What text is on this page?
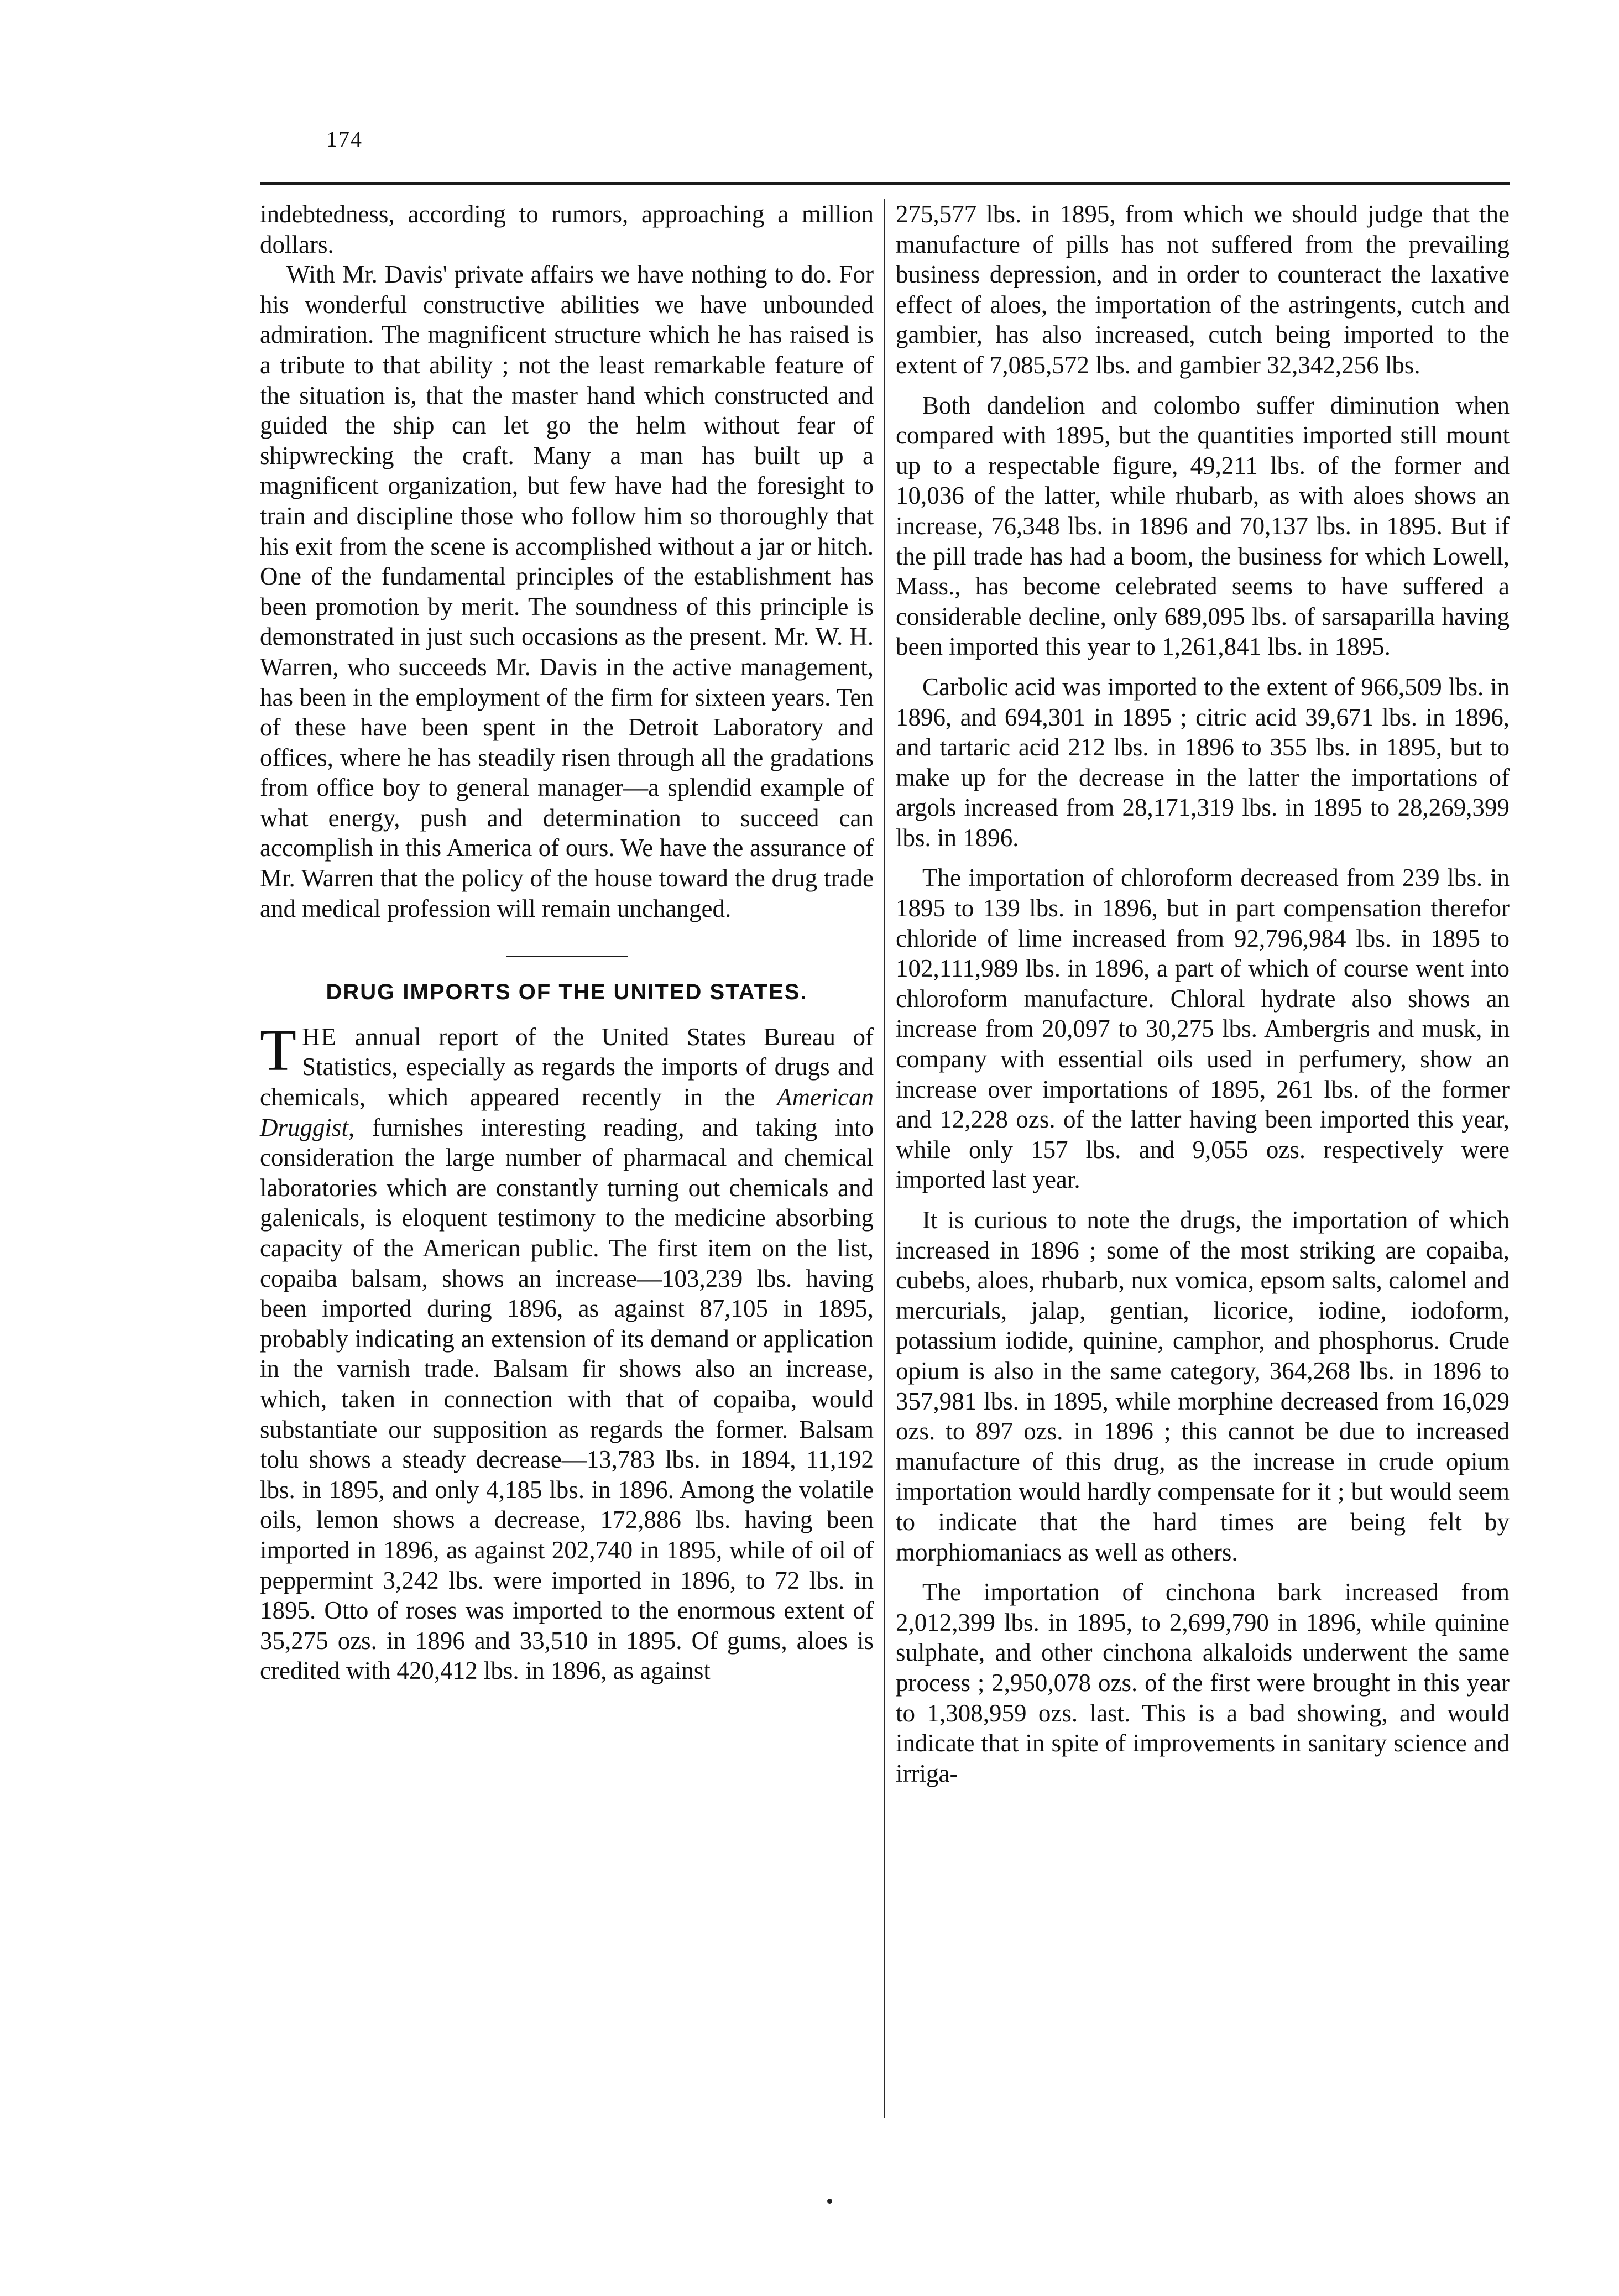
174

indebtedness, according to rumors, approaching a million dollars.

With Mr. Davis' private affairs we have nothing to do. For his wonderful constructive abilities we have unbounded admiration. The magnificent structure which he has raised is a tribute to that ability ; not the least remarkable feature of the situation is, that the master hand which constructed and guided the ship can let go the helm without fear of shipwrecking the craft. Many a man has built up a magnificent organization, but few have had the foresight to train and discipline those who follow him so thoroughly that his exit from the scene is accomplished without a jar or hitch. One of the fundamental principles of the establishment has been promotion by merit. The soundness of this principle is demonstrated in just such occasions as the present. Mr. W. H. Warren, who succeeds Mr. Davis in the active management, has been in the employment of the firm for sixteen years. Ten of these have been spent in the Detroit Laboratory and offices, where he has steadily risen through all the gradations from office boy to general manager—a splendid example of what energy, push and determination to succeed can accomplish in this America of ours. We have the assurance of Mr. Warren that the policy of the house toward the drug trade and medical profession will remain unchanged.

DRUG IMPORTS OF THE UNITED STATES.

THE annual report of the United States Bureau of Statistics, especially as regards the imports of drugs and chemicals, which appeared recently in the American Druggist, furnishes interesting reading, and taking into consideration the large number of pharmacal and chemical laboratories which are constantly turning out chemicals and galenicals, is eloquent testimony to the medicine absorbing capacity of the American public. The first item on the list, copaiba balsam, shows an increase—103,239 lbs. having been imported during 1896, as against 87,105 in 1895, probably indicating an extension of its demand or application in the varnish trade. Balsam fir shows also an increase, which, taken in connection with that of copaiba, would substantiate our supposition as regards the former. Balsam tolu shows a steady decrease—13,783 lbs. in 1894, 11,192 lbs. in 1895, and only 4,185 lbs. in 1896. Among the volatile oils, lemon shows a decrease, 172,886 lbs. having been imported in 1896, as against 202,740 in 1895, while of oil of peppermint 3,242 lbs. were imported in 1896, to 72 lbs. in 1895. Otto of roses was imported to the enormous extent of 35,275 ozs. in 1896 and 33,510 in 1895. Of gums, aloes is credited with 420,412 lbs. in 1896, as against

275,577 lbs. in 1895, from which we should judge that the manufacture of pills has not suffered from the prevailing business depression, and in order to counteract the laxative effect of aloes, the importation of the astringents, cutch and gambier, has also increased, cutch being imported to the extent of 7,085,572 lbs. and gambier 32,342,256 lbs.

Both dandelion and colombo suffer diminution when compared with 1895, but the quantities imported still mount up to a respectable figure, 49,211 lbs. of the former and 10,036 of the latter, while rhubarb, as with aloes shows an increase, 76,348 lbs. in 1896 and 70,137 lbs. in 1895. But if the pill trade has had a boom, the business for which Lowell, Mass., has become celebrated seems to have suffered a considerable decline, only 689,095 lbs. of sarsaparilla having been imported this year to 1,261,841 lbs. in 1895.

Carbolic acid was imported to the extent of 966,509 lbs. in 1896, and 694,301 in 1895 ; citric acid 39,671 lbs. in 1896, and tartaric acid 212 lbs. in 1896 to 355 lbs. in 1895, but to make up for the decrease in the latter the importations of argols increased from 28,171,319 lbs. in 1895 to 28,269,399 lbs. in 1896.

The importation of chloroform decreased from 239 lbs. in 1895 to 139 lbs. in 1896, but in part compensation therefor chloride of lime increased from 92,796,984 lbs. in 1895 to 102,111,989 lbs. in 1896, a part of which of course went into chloroform manufacture. Chloral hydrate also shows an increase from 20,097 to 30,275 lbs. Ambergris and musk, in company with essential oils used in perfumery, show an increase over importations of 1895, 261 lbs. of the former and 12,228 ozs. of the latter having been imported this year, while only 157 lbs. and 9,055 ozs. respectively were imported last year.

It is curious to note the drugs, the importation of which increased in 1896 ; some of the most striking are copaiba, cubebs, aloes, rhubarb, nux vomica, epsom salts, calomel and mercurials, jalap, gentian, licorice, iodine, iodoform, potassium iodide, quinine, camphor, and phosphorus. Crude opium is also in the same category, 364,268 lbs. in 1896 to 357,981 lbs. in 1895, while morphine decreased from 16,029 ozs. to 897 ozs. in 1896 ; this cannot be due to increased manufacture of this drug, as the increase in crude opium importation would hardly compensate for it ; but would seem to indicate that the hard times are being felt by morphiomaniacs as well as others.

The importation of cinchona bark increased from 2,012,399 lbs. in 1895, to 2,699,790 in 1896, while quinine sulphate, and other cinchona alkaloids underwent the same process ; 2,950,078 ozs. of the first were brought in this year to 1,308,959 ozs. last. This is a bad showing, and would indicate that in spite of improvements in sanitary science and irriga-
